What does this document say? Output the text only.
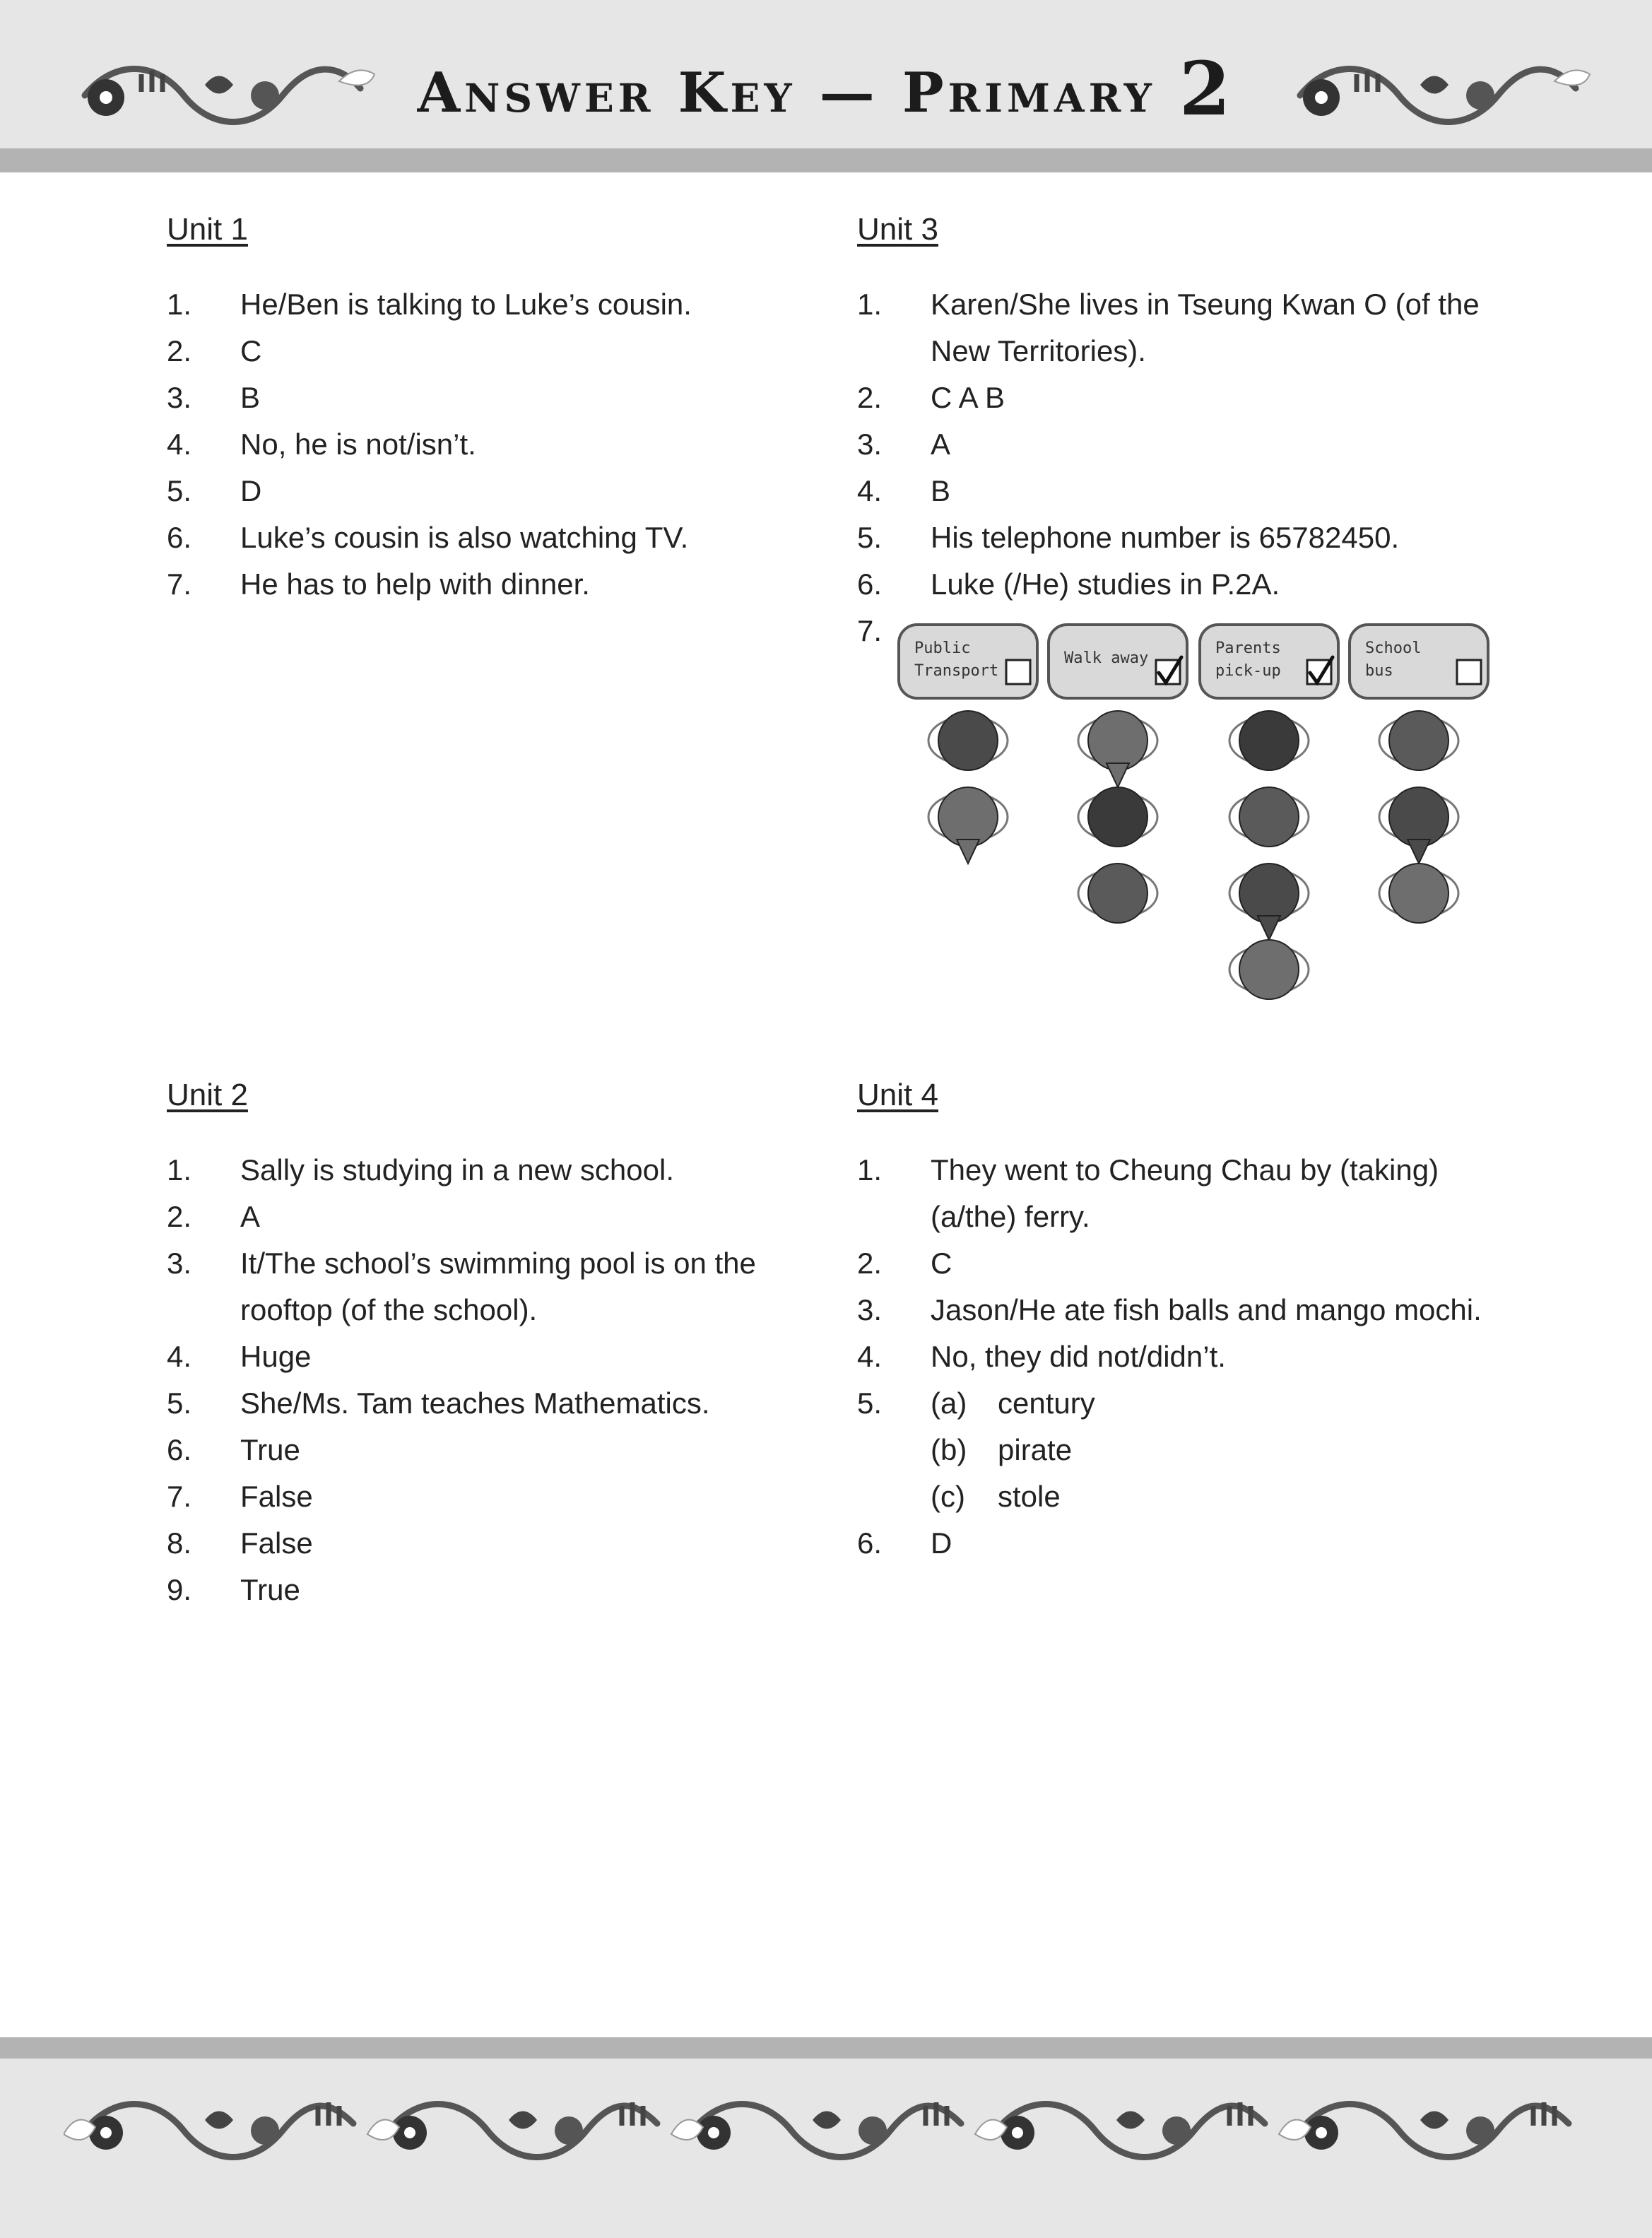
Answer Key — Primary 2
Unit 1
1.	He/Ben is talking to Luke’s cousin.
2.	C
3.	B
4.	No, he is not/isn’t.
5.	D
6.	Luke’s cousin is also watching TV.
7.	He has to help with dinner.
Unit 2
1.	Sally is studying in a new school.
2.	A
3.	It/The school’s swimming pool is on the rooftop (of the school).
4.	Huge
5.	She/Ms. Tam teaches Mathematics.
6.	True
7.	False
8.	False
9.	True
Unit 3
1.	Karen/She lives in Tseung Kwan O (of the New Territories).
2.	C A B
3.	A
4.	B
5.	His telephone number is 65782450.
6.	Luke (/He) studies in P.2A.
7.
Public
Transport
Walk away
Parents
pick-up
School
bus
Unit 4
1.	They went to Cheung Chau by (taking) (a/the) ferry.
2.	C
3.	Jason/He ate fish balls and mango mochi.
4.	No, they did not/didn’t.
5.	(a)	century
(b)	pirate
(c)	stole
6.	D
